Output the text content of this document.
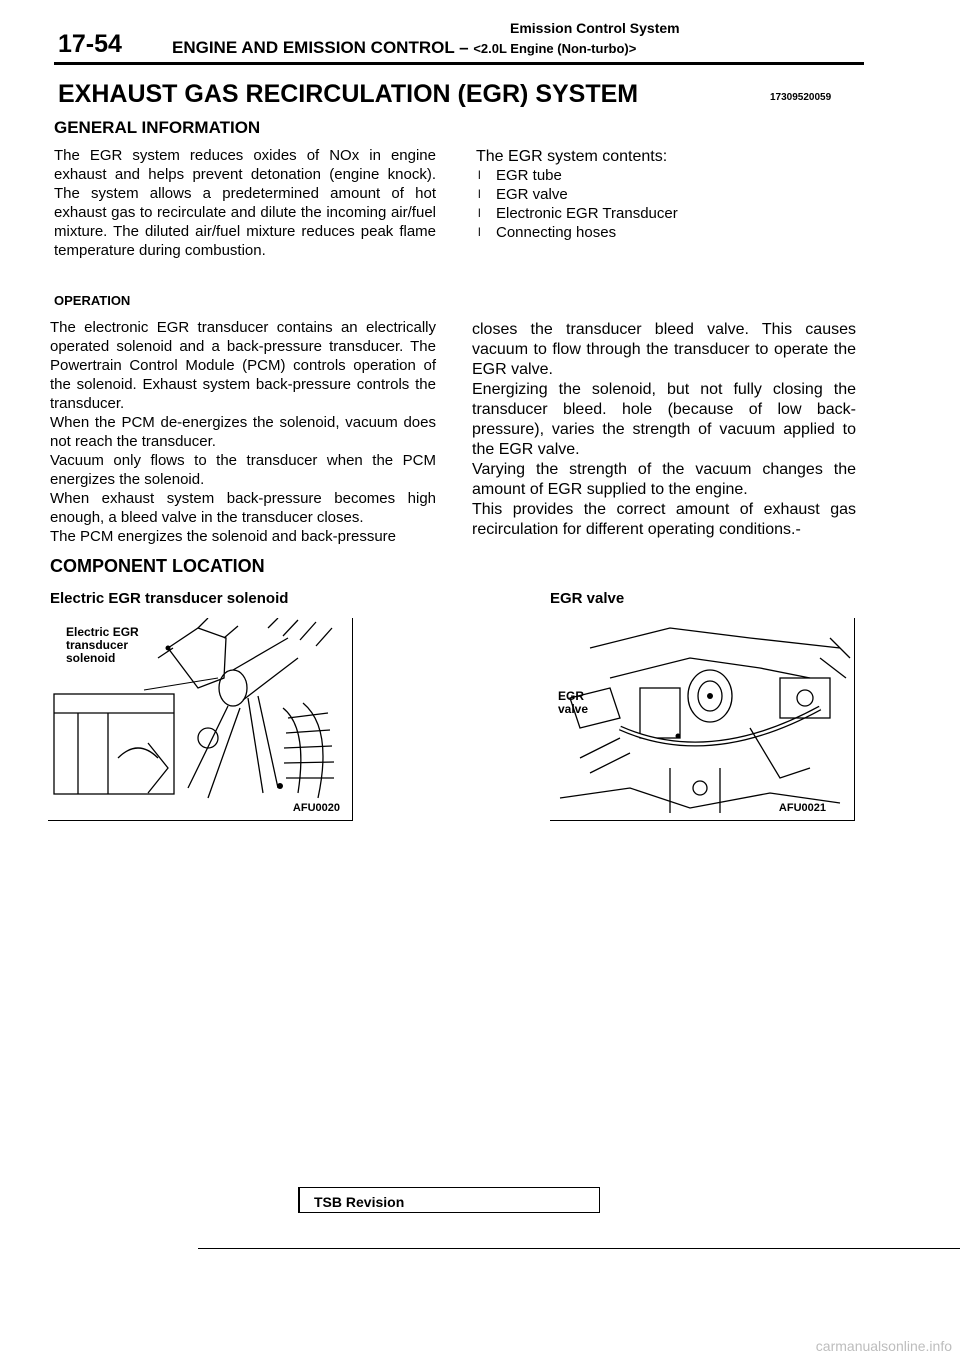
17-54
Emission Control System
ENGINE AND EMISSION CONTROL – <2.0L Engine (Non-turbo)>
EXHAUST GAS RECIRCULATION (EGR) SYSTEM	17309520059
GENERAL INFORMATION
The EGR system reduces oxides of NOx in engine exhaust and helps prevent detonation (engine knock). The system allows a predetermined amount of hot exhaust gas to recirculate and dilute the incoming air/fuel mixture. The diluted air/fuel mixture reduces peak flame temperature during combustion.
The EGR system contents:
l EGR tube
l EGR valve
l Electronic EGR Transducer
l Connecting hoses
OPERATION
The electronic EGR transducer contains an electrically operated solenoid and a back-pressure transducer. The Powertrain Control Module (PCM) controls operation of the solenoid. Exhaust system back-pressure controls the transducer.
When the PCM de-energizes the solenoid, vacuum does not reach the transducer.
Vacuum only flows to the transducer when the PCM energizes the solenoid.
When exhaust system back-pressure becomes high enough, a bleed valve in the transducer closes.
The PCM energizes the solenoid and back-pressure
closes the transducer bleed valve. This causes vacuum to flow through the transducer to operate the EGR valve.
Energizing the solenoid, but not fully closing the transducer bleed. hole (because of low back-pressure), varies the strength of vacuum applied to the EGR valve.
Varying the strength of the vacuum changes the amount of EGR supplied to the engine.
This provides the correct amount of exhaust gas recirculation for different operating conditions.-
COMPONENT LOCATION
Electric EGR transducer solenoid	EGR valve
Electric EGR transducer solenoid
AFU0020
EGR valve
AFU0021
TSB Revision
carmanualsonline.info
